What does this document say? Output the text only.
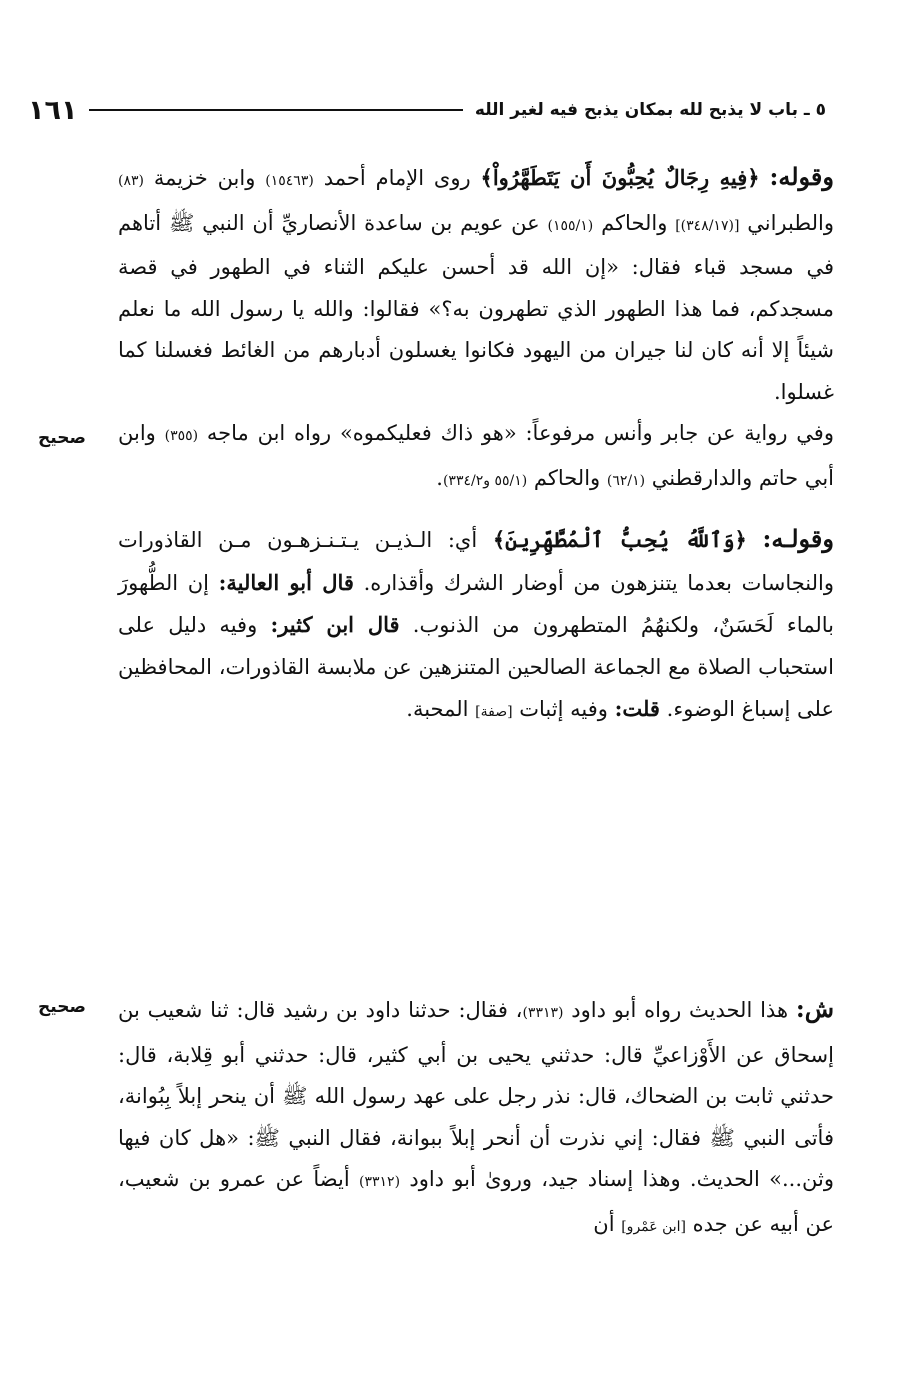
٥ ـ باب لا يذبح لله بمكان يذبح فيه لغير الله
١٦١

وقوله: ﴿فِيهِ رِجَالٌ يُحِبُّونَ أَن يَتَطَهَّرُواْ﴾ روى الإمام أحمد (١٥٤٦٣) وابن خزيمة (٨٣) والطبراني [(٣٤٨/١٧)] والحاكم (١٥٥/١) عن عويم بن ساعدة الأنصاريِّ أن النبي ﷺ أتاهم في مسجد قباء فقال: «إن الله قد أحسن عليكم الثناء في الطهور في قصة مسجدكم، فما هذا الطهور الذي تطهرون به؟» فقالوا: والله يا رسول الله ما نعلم شيئاً إلا أنه كان لنا جيران من اليهود فكانوا يغسلون أدبارهم من الغائط فغسلنا كما غسلوا.

وفي رواية عن جابر وأنس مرفوعاً: «هو ذاك فعليكموه» رواه ابن ماجه (٣٥٥) وابن أبي حاتم والدارقطني (٦٢/١) والحاكم (٥٥/١ و٣٣٤/٢).

صحيح

وقولـه: ﴿وَٱللَّهُ يُحِبُّ ٱلْمُطَّهِّرِينَ﴾ أي: الـذيـن يـتـنـزهـون مـن القاذورات والنجاسات بعدما يتنزهون من أوضار الشرك وأقذاره. قال أبو العالية: إن الطُّهورَ بالماء لَحَسَنٌ، ولكنهُمُ المتطهرون من الذنوب. قال ابن كثير: وفيه دليل على استحباب الصلاة مع الجماعة الصالحين المتنزهين عن ملابسة القاذورات، المحافظين على إسباغ الوضوء. قلت: وفيه إثبات [صفة] المحبة.

صحيح	ش: هذا الحديث رواه أبو داود (٣٣١٣)، فقال: حدثنا داود بن رشيد قال: ثنا شعيب بن إسحاق عن الأَوْزاعيِّ قال: حدثني يحيى بن أبي كثير، قال: حدثني أبو قِلابة، قال: حدثني ثابت بن الضحاك، قال: نذر رجل على عهد رسول الله ﷺ أن ينحر إبلاً بِبُوانة، فأتى النبي ﷺ فقال: إني نذرت أن أنحر إبلاً ببوانة، فقال النبي ﷺ: «هل كان فيها وثن...» الحديث. وهذا إسناد جيد، وروىٰ أبو داود (٣٣١٢) أيضاً عن عمرو بن شعيب، عن أبيه عن جده [ابن عَمْرو] أن
